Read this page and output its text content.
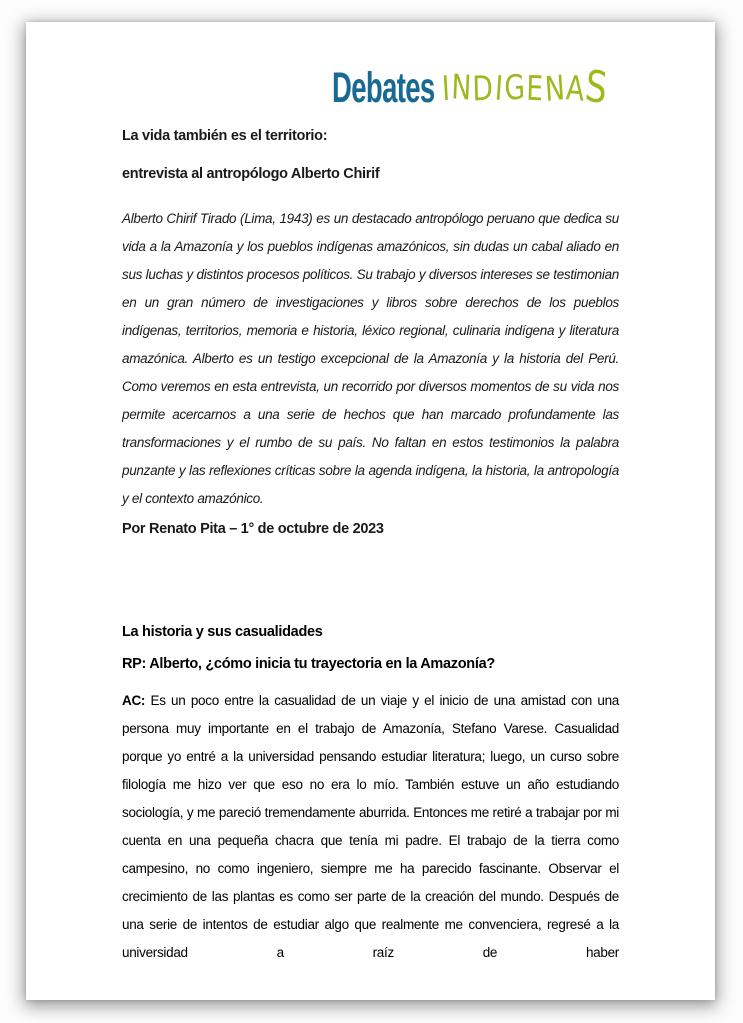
Debates INDIGENAS

La vida también es el territorio:

entrevista al antropólogo Alberto Chirif

Alberto Chirif Tirado (Lima, 1943) es un destacado antropólogo peruano que dedica su vida a la Amazonía y los pueblos indígenas amazónicos, sin dudas un cabal aliado en sus luchas y distintos procesos políticos. Su trabajo y diversos intereses se testimonian en un gran número de investigaciones y libros sobre derechos de los pueblos indígenas, territorios, memoria e historia, léxico regional, culinaria indígena y literatura amazónica. Alberto es un testigo excepcional de la Amazonía y la historia del Perú. Como veremos en esta entrevista, un recorrido por diversos momentos de su vida nos permite acercarnos a una serie de hechos que han marcado profundamente las transformaciones y el rumbo de su país. No faltan en estos testimonios la palabra punzante y las reflexiones críticas sobre la agenda indígena, la historia, la antropología y el contexto amazónico.

Por Renato Pita – 1° de octubre de 2023

La historia y sus casualidades

RP: Alberto, ¿cómo inicia tu trayectoria en la Amazonía?

AC: Es un poco entre la casualidad de un viaje y el inicio de una amistad con una persona muy importante en el trabajo de Amazonía, Stefano Varese. Casualidad porque yo entré a la universidad pensando estudiar literatura; luego, un curso sobre filología me hizo ver que eso no era lo mío. También estuve un año estudiando sociología, y me pareció tremendamente aburrida. Entonces me retiré a trabajar por mi cuenta en una pequeña chacra que tenía mi padre. El trabajo de la tierra como campesino, no como ingeniero, siempre me ha parecido fascinante. Observar el crecimiento de las plantas es como ser parte de la creación del mundo. Después de una serie de intentos de estudiar algo que realmente me convenciera, regresé a la universidad a raíz de haber
